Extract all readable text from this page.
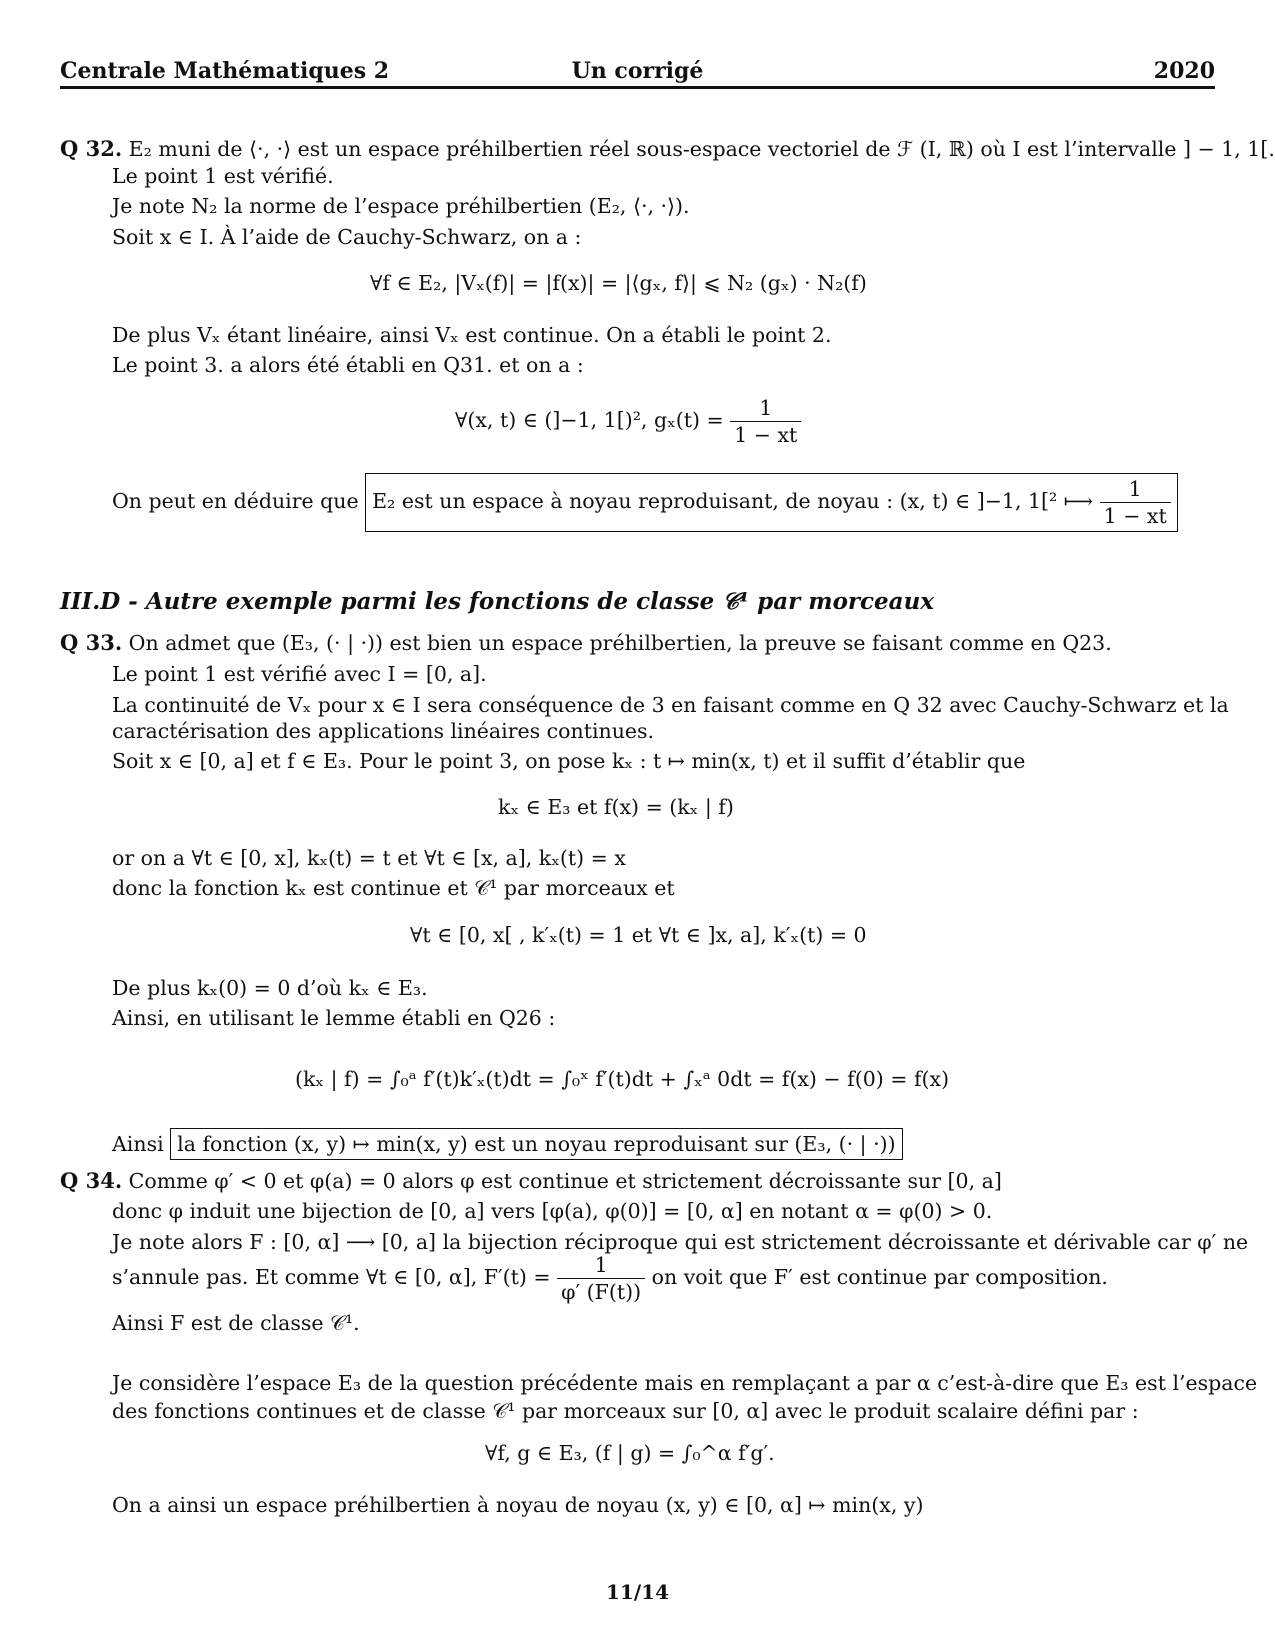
Centrale Mathématiques 2	Un corrigé	2020
Q 32. E₂ muni de ⟨·, ·⟩ est un espace préhilbertien réel sous-espace vectoriel de ℱ (I, ℝ) où I est l’intervalle ] − 1, 1[.
Le point 1 est vérifié.
Je note N₂ la norme de l’espace préhilbertien (E₂, ⟨·, ·⟩).
Soit x ∈ I. À l’aide de Cauchy-Schwarz, on a :
∀f ∈ E₂, |Vₓ(f)| = |f(x)| = |⟨gₓ, f⟩| ⩽ N₂ (gₓ) · N₂(f)
De plus Vₓ étant linéaire, ainsi Vₓ est continue. On a établi le point 2.
Le point 3. a alors été établi en Q31. et on a :
∀(x, t) ∈ (]−1, 1[)², $g_x(t) = \frac{1}{1 - xt}$
On peut en déduire que E₂ est un espace à noyau reproduisant, de noyau : (x, t) ∈ ]−1, 1[² ⟼ $\frac{1}{1 - xt}$
III.D - Autre exemple parmi les fonctions de classe 𝒞¹ par morceaux
Q 33. On admet que (E₃, (· | ·)) est bien un espace préhilbertien, la preuve se faisant comme en Q23.
Le point 1 est vérifié avec I = [0, a].
La continuité de Vₓ pour x ∈ I sera conséquence de 3 en faisant comme en Q 32 avec Cauchy-Schwarz et la
caractérisation des applications linéaires continues.
Soit x ∈ [0, a] et f ∈ E₃. Pour le point 3, on pose kₓ : t ↦ min(x, t) et il suffit d’établir que
kₓ ∈ E₃ et f(x) = (kₓ | f)
or on a ∀t ∈ [0, x], kₓ(t) = t et ∀t ∈ [x, a], kₓ(t) = x
donc la fonction kₓ est continue et 𝒞¹ par morceaux et
∀t ∈ [0, x[ , k′ₓ(t) = 1 et ∀t ∈ ]x, a], k′ₓ(t) = 0
De plus kₓ(0) = 0 d’où kₓ ∈ E₃.
Ainsi, en utilisant le lemme établi en Q26 :
(kₓ | f) = ∫₀ᵃ f′(t)k′ₓ(t)dt = ∫₀ˣ f′(t)dt + ∫ₓᵃ 0dt = f(x) − f(0) = f(x)
Ainsi la fonction (x, y) ↦ min(x, y) est un noyau reproduisant sur (E₃, (· | ·))
Q 34. Comme φ′ < 0 et φ(a) = 0 alors φ est continue et strictement décroissante sur [0, a]
donc φ induit une bijection de [0, a] vers [φ(a), φ(0)] = [0, α] en notant α = φ(0) > 0.
Je note alors F : [0, α] ⟶ [0, a] la bijection réciproque qui est strictement décroissante et dérivable car φ′ ne
s’annule pas. Et comme ∀t ∈ [0, α], $F'(t) = \frac{1}{\varphi' (F(t))}$ on voit que F′ est continue par composition.
Ainsi F est de classe 𝒞¹.
Je considère l’espace E₃ de la question précédente mais en remplaçant a par α c’est-à-dire que E₃ est l’espace
des fonctions continues et de classe 𝒞¹ par morceaux sur [0, α] avec le produit scalaire défini par :
∀f, g ∈ E₃, (f | g) = ∫₀^α f′g′.
On a ainsi un espace préhilbertien à noyau de noyau (x, y) ∈ [0, α] ↦ min(x, y)
11/14
